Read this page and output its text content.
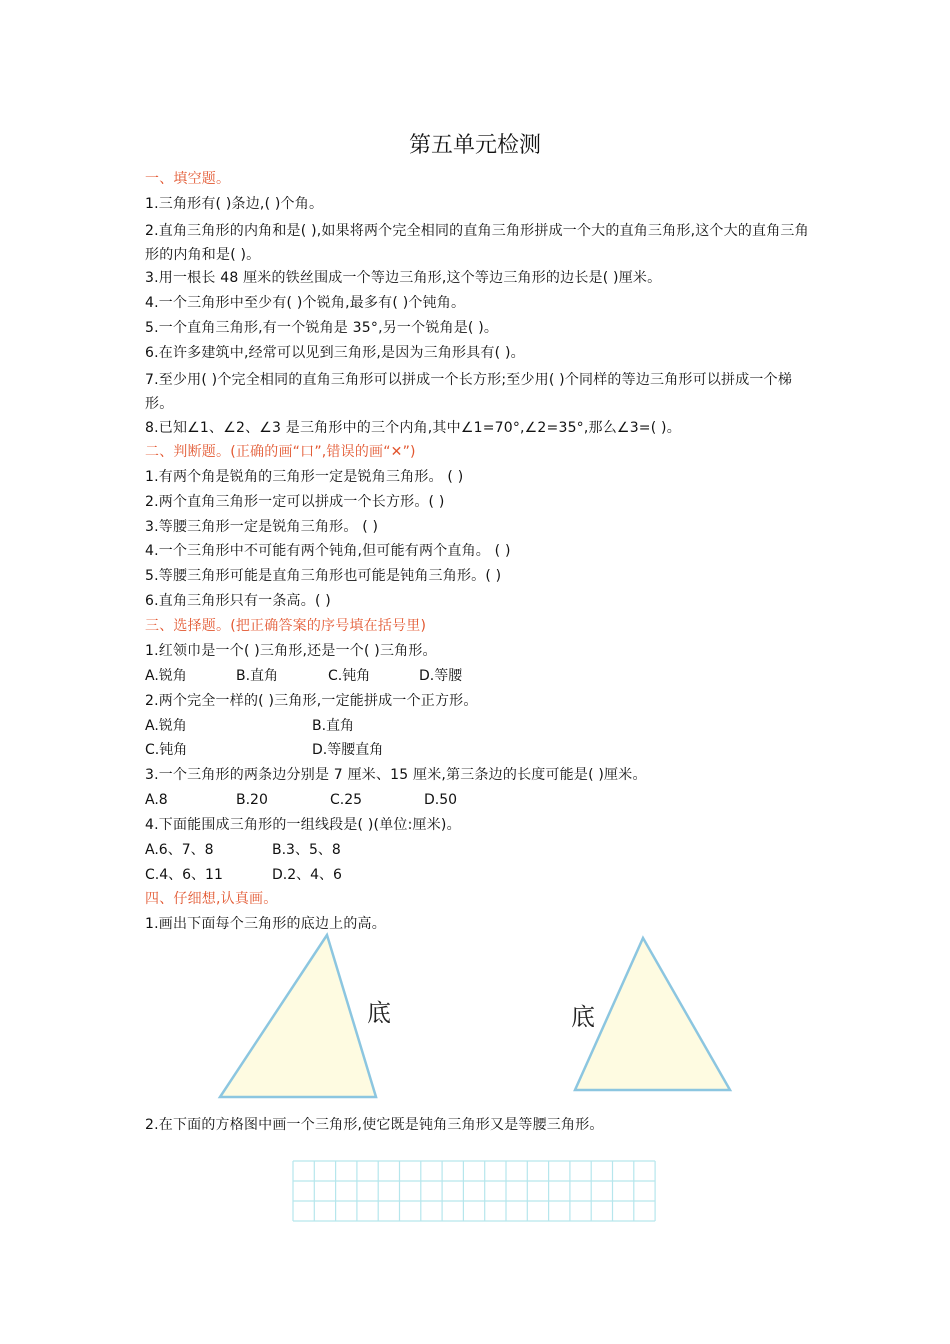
第五单元检测
一、填空题。
1.三角形有( )条边,( )个角。
2.直角三角形的内角和是( ),如果将两个完全相同的直角三角形拼成一个大的直角三角形,这个大的直角三角形的内角和是( )。
3.用一根长 48 厘米的铁丝围成一个等边三角形,这个等边三角形的边长是( )厘米。
4.一个三角形中至少有( )个锐角,最多有( )个钝角。
5.一个直角三角形,有一个锐角是 35°,另一个锐角是( )。
6.在许多建筑中,经常可以见到三角形,是因为三角形具有( )。
7.至少用( )个完全相同的直角三角形可以拼成一个长方形;至少用( )个同样的等边三角形可以拼成一个梯形。
8.已知∠1、∠2、∠3 是三角形中的三个内角,其中∠1=70°,∠2=35°,那么∠3=( )。
二、判断题。(正确的画“口”,错误的画“✕”)
1.有两个角是锐角的三角形一定是锐角三角形。 ( )
2.两个直角三角形一定可以拼成一个长方形。( )
3.等腰三角形一定是锐角三角形。 ( )
4.一个三角形中不可能有两个钝角,但可能有两个直角。 ( )
5.等腰三角形可能是直角三角形也可能是钝角三角形。( )
6.直角三角形只有一条高。( )
三、选择题。(把正确答案的序号填在括号里)
1.红领巾是一个( )三角形,还是一个( )三角形。
A.锐角	B.直角	C.钝角	D.等腰
2.两个完全一样的( )三角形,一定能拼成一个正方形。
A.锐角	B.直角
C.钝角	D.等腰直角
3.一个三角形的两条边分别是 7 厘米、15 厘米,第三条边的长度可能是( )厘米。
A.8	B.20	C.25	D.50
4.下面能围成三角形的一组线段是( )(单位:厘米)。
A.6、7、8	B.3、5、8
C.4、6、11	D.2、4、6
四、仔细想,认真画。
1.画出下面每个三角形的底边上的高。
底	底
2.在下面的方格图中画一个三角形,使它既是钝角三角形又是等腰三角形。
